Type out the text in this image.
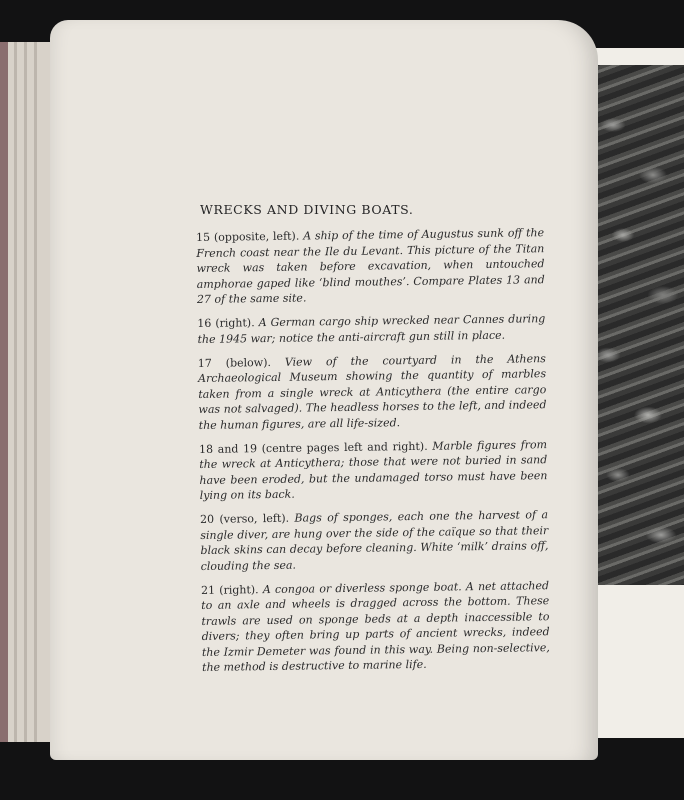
WRECKS AND DIVING BOATS.

15 (opposite, left). A ship of the time of Augustus sunk off the French coast near the Ile du Levant. This picture of the Titan wreck was taken before excavation, when untouched amphorae gaped like ‘blind mouthes’. Compare Plates 13 and 27 of the same site.

16 (right). A German cargo ship wrecked near Cannes during the 1945 war; notice the anti-aircraft gun still in place.

17 (below). View of the courtyard in the Athens Archaeological Museum showing the quantity of marbles taken from a single wreck at Anticythera (the entire cargo was not salvaged). The headless horses to the left, and indeed the human figures, are all life-sized.

18 and 19 (centre pages left and right). Marble figures from the wreck at Anticythera; those that were not buried in sand have been eroded, but the undamaged torso must have been lying on its back.

20 (verso, left). Bags of sponges, each one the harvest of a single diver, are hung over the side of the caïque so that their black skins can decay before cleaning. White ‘milk’ drains off, clouding the sea.

21 (right). A congoa or diverless sponge boat. A net attached to an axle and wheels is dragged across the bottom. These trawls are used on sponge beds at a depth inaccessible to divers; they often bring up parts of ancient wrecks, indeed the Izmir Demeter was found in this way. Being non-selective, the method is destructive to marine life.
